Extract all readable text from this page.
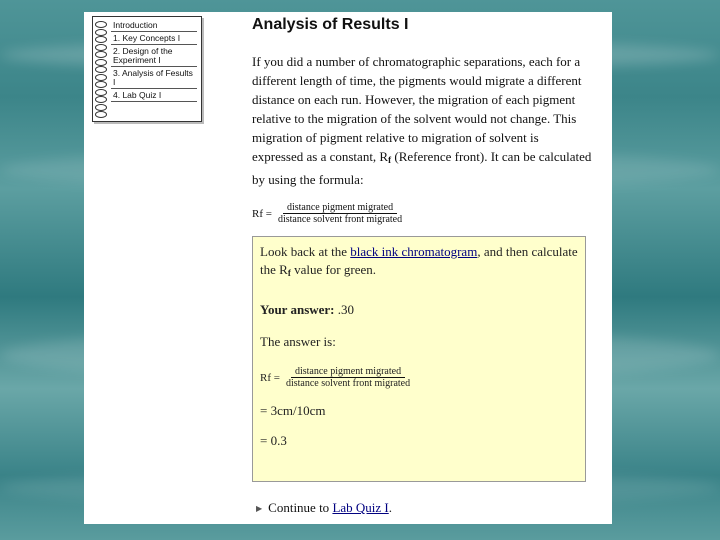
Introduction
1. Key Concepts I
2. Design of the Experiment I
3. Analysis of Fesults I
4. Lab Quiz I
Analysis of Results I
If you did a number of chromatographic separations, each for a different length of time, the pigments would migrate a different distance on each run. However, the migration of each pigment relative to the migration of the solvent would not change. This migration of pigment relative to migration of solvent is expressed as a constant, $R_f$ (Reference front). It can be calculated by using the formula:
$Rf = \frac{\text{distance pigment migrated}}{\text{distance solvent front migrated}}$
Look back at the black ink chromatogram, and then calculate the $R_f$ value for green.
Your answer: .30
The answer is:
$Rf = \frac{\text{distance pigment migrated}}{\text{distance solvent front migrated}}$
= 3cm/10cm
= 0.3
▶ Continue to Lab Quiz I.
